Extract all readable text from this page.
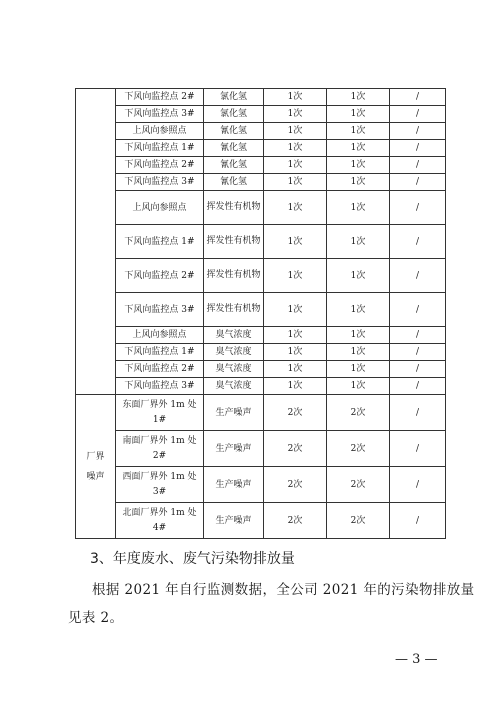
	下风向监控点 2#	氯化氢	1次	1次	/
	下风向监控点 3#	氯化氢	1次	1次	/
	上风向参照点	氰化氢	1次	1次	/
	下风向监控点 1#	氰化氢	1次	1次	/
	下风向监控点 2#	氰化氢	1次	1次	/
	下风向监控点 3#	氰化氢	1次	1次	/
	上风向参照点	挥发性有机物	1次	1次	/
	下风向监控点 1#	挥发性有机物	1次	1次	/
	下风向监控点 2#	挥发性有机物	1次	1次	/
	下风向监控点 3#	挥发性有机物	1次	1次	/
	上风向参照点	臭气浓度	1次	1次	/
	下风向监控点 1#	臭气浓度	1次	1次	/
	下风向监控点 2#	臭气浓度	1次	1次	/
	下风向监控点 3#	臭气浓度	1次	1次	/
厂界噪声	东面厂界外 1m 处 1#	生产噪声	2次	2次	/
	南面厂界外 1m 处 2#	生产噪声	2次	2次	/
	西面厂界外 1m 处 3#	生产噪声	2次	2次	/
	北面厂界外 1m 处 4#	生产噪声	2次	2次	/
3、年度废水、废气污染物排放量
根据 2021 年自行监测数据，全公司 2021 年的污染物排放量
见表 2。
— 3 —
